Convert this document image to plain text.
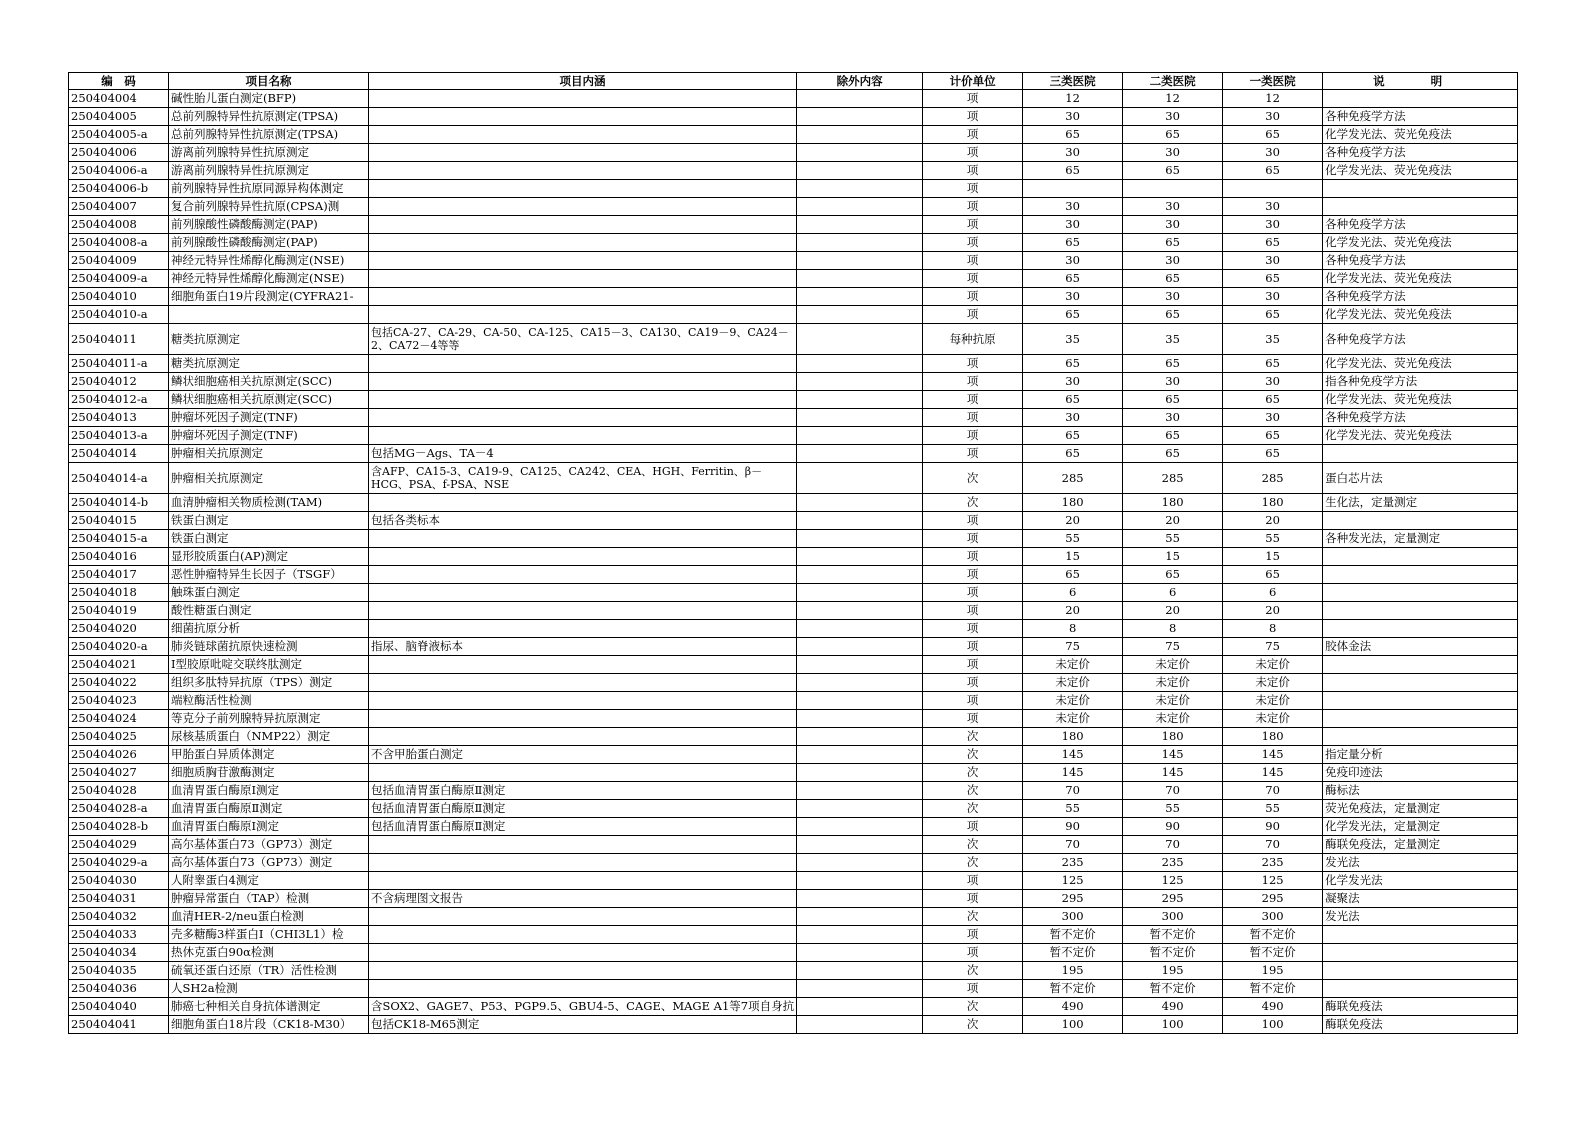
编　码	项目名称	项目内涵	除外内容	计价单位	三类医院	二类医院	一类医院	说　　　　明
250404004	碱性胎儿蛋白测定(BFP)			项	12	12	12	
250404005	总前列腺特异性抗原测定(TPSA)			项	30	30	30	各种免疫学方法
250404005-a	总前列腺特异性抗原测定(TPSA)			项	65	65	65	化学发光法、荧光免疫法
250404006	游离前列腺特异性抗原测定			项	30	30	30	各种免疫学方法
250404006-a	游离前列腺特异性抗原测定			项	65	65	65	化学发光法、荧光免疫法
250404006-b	前列腺特异性抗原同源异构体测定			项				
250404007	复合前列腺特异性抗原(CPSA)测			项	30	30	30	
250404008	前列腺酸性磷酸酶测定(PAP)			项	30	30	30	各种免疫学方法
250404008-a	前列腺酸性磷酸酶测定(PAP)			项	65	65	65	化学发光法、荧光免疫法
250404009	神经元特异性烯醇化酶测定(NSE)			项	30	30	30	各种免疫学方法
250404009-a	神经元特异性烯醇化酶测定(NSE)			项	65	65	65	化学发光法、荧光免疫法
250404010	细胞角蛋白19片段测定(CYFRA21-			项	30	30	30	各种免疫学方法
250404010-a				项	65	65	65	化学发光法、荧光免疫法
250404011	糖类抗原测定	包括CA-27、CA-29、CA-50、CA-125、CA15－3、CA130、CA19－9、CA24－2、CA72－4等等		每种抗原	35	35	35	各种免疫学方法
250404011-a	糖类抗原测定			项	65	65	65	化学发光法、荧光免疫法
250404012	鳞状细胞癌相关抗原测定(SCC)			项	30	30	30	指各种免疫学方法
250404012-a	鳞状细胞癌相关抗原测定(SCC)			项	65	65	65	化学发光法、荧光免疫法
250404013	肿瘤坏死因子测定(TNF)			项	30	30	30	各种免疫学方法
250404013-a	肿瘤坏死因子测定(TNF)			项	65	65	65	化学发光法、荧光免疫法
250404014	肿瘤相关抗原测定	包括MG－Ags、TA－4		项	65	65	65	
250404014-a	肿瘤相关抗原测定	含AFP、CA15-3、CA19-9、CA125、CA242、CEA、HGH、Ferritin、β－HCG、PSA、f-PSA、NSE		次	285	285	285	蛋白芯片法
250404014-b	血清肿瘤相关物质检测(TAM)			次	180	180	180	生化法，定量测定
250404015	铁蛋白测定	包括各类标本		项	20	20	20	
250404015-a	铁蛋白测定			项	55	55	55	各种发光法，定量测定
250404016	显形胶质蛋白(AP)测定			项	15	15	15	
250404017	恶性肿瘤特异生长因子（TSGF）			项	65	65	65	
250404018	触珠蛋白测定			项	6	6	6	
250404019	酸性糖蛋白测定			项	20	20	20	
250404020	细菌抗原分析			项	8	8	8	
250404020-a	肺炎链球菌抗原快速检测	指尿、脑脊液标本		项	75	75	75	胶体金法
250404021	I型胶原吡啶交联终肽测定			项	未定价	未定价	未定价	
250404022	组织多肽特异抗原（TPS）测定			项	未定价	未定价	未定价	
250404023	端粒酶活性检测			项	未定价	未定价	未定价	
250404024	等克分子前列腺特异抗原测定			项	未定价	未定价	未定价	
250404025	尿核基质蛋白（NMP22）测定			次	180	180	180	
250404026	甲胎蛋白异质体测定	不含甲胎蛋白测定		次	145	145	145	指定量分析
250404027	细胞质胸苷激酶测定			次	145	145	145	免疫印迹法
250404028	血清胃蛋白酶原Ⅰ测定	包括血清胃蛋白酶原Ⅱ测定		次	70	70	70	酶标法
250404028-a	血清胃蛋白酶原Ⅱ测定	包括血清胃蛋白酶原Ⅱ测定		次	55	55	55	荧光免疫法，定量测定
250404028-b	血清胃蛋白酶原Ⅰ测定	包括血清胃蛋白酶原Ⅱ测定		项	90	90	90	化学发光法，定量测定
250404029	高尔基体蛋白73（GP73）测定			次	70	70	70	酶联免疫法，定量测定
250404029-a	高尔基体蛋白73（GP73）测定			次	235	235	235	发光法
250404030	人附睾蛋白4测定			项	125	125	125	化学发光法
250404031	肿瘤异常蛋白（TAP）检测	不含病理图文报告		项	295	295	295	凝聚法
250404032	血清HER-2/neu蛋白检测			次	300	300	300	发光法
250404033	壳多糖酶3样蛋白Ⅰ（CHI3L1）检			项	暂不定价	暂不定价	暂不定价	
250404034	热休克蛋白90α检测			项	暂不定价	暂不定价	暂不定价	
250404035	硫氧还蛋白还原（TR）活性检测			次	195	195	195	
250404036	人SH2a检测			项	暂不定价	暂不定价	暂不定价	
250404040	肺癌七种相关自身抗体谱测定	含SOX2、GAGE7、P53、PGP9.5、GBU4-5、CAGE、MAGE A1等7项自身抗		次	490	490	490	酶联免疫法
250404041	细胞角蛋白18片段（CK18-M30）	包括CK18-M65测定		次	100	100	100	酶联免疫法
